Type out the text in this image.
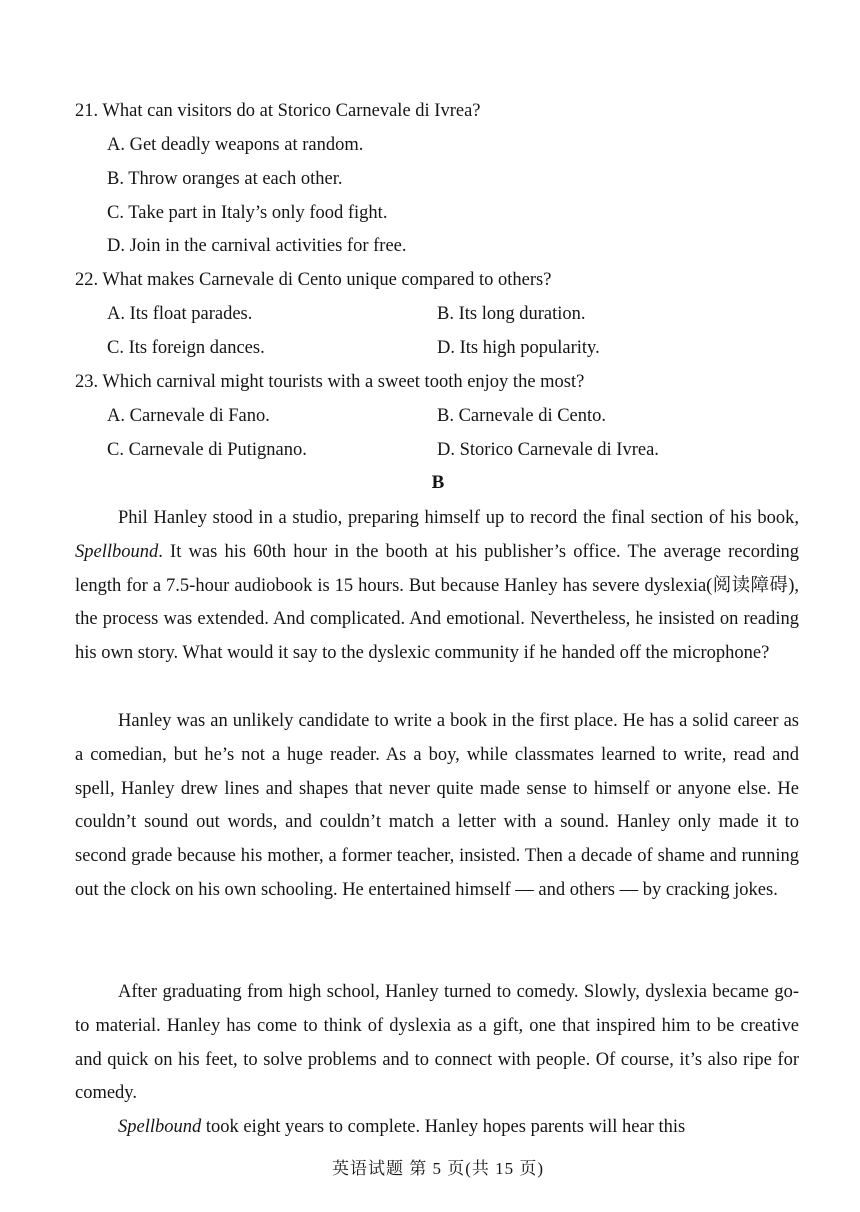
21. What can visitors do at Storico Carnevale di Ivrea?
A. Get deadly weapons at random.
B. Throw oranges at each other.
C. Take part in Italy’s only food fight.
D. Join in the carnival activities for free.
22. What makes Carnevale di Cento unique compared to others?
A. Its float parades.	B. Its long duration.
C. Its foreign dances.	D. Its high popularity.
23. Which carnival might tourists with a sweet tooth enjoy the most?
A. Carnevale di Fano.	B. Carnevale di Cento.
C. Carnevale di Putignano.	D. Storico Carnevale di Ivrea.
B

Phil Hanley stood in a studio, preparing himself up to record the final section of his book, Spellbound. It was his 60th hour in the booth at his publisher’s office. The average recording length for a 7.5-hour audiobook is 15 hours. But because Hanley has severe dyslexia(阅读障碍), the process was extended. And complicated. And emotional. Nevertheless, he insisted on reading his own story. What would it say to the dyslexic community if he handed off the microphone?

Hanley was an unlikely candidate to write a book in the first place. He has a solid career as a comedian, but he’s not a huge reader. As a boy, while classmates learned to write, read and spell, Hanley drew lines and shapes that never quite made sense to himself or anyone else. He couldn’t sound out words, and couldn’t match a letter with a sound. Hanley only made it to second grade because his mother, a former teacher, insisted. Then a decade of shame and running out the clock on his own schooling. He entertained himself — and others — by cracking jokes.

After graduating from high school, Hanley turned to comedy. Slowly, dyslexia became go-to material. Hanley has come to think of dyslexia as a gift, one that inspired him to be creative and quick on his feet, to solve problems and to connect with people. Of course, it’s also ripe for comedy.

Spellbound took eight years to complete. Hanley hopes parents will hear this

英语试题 第 5 页(共 15 页)
